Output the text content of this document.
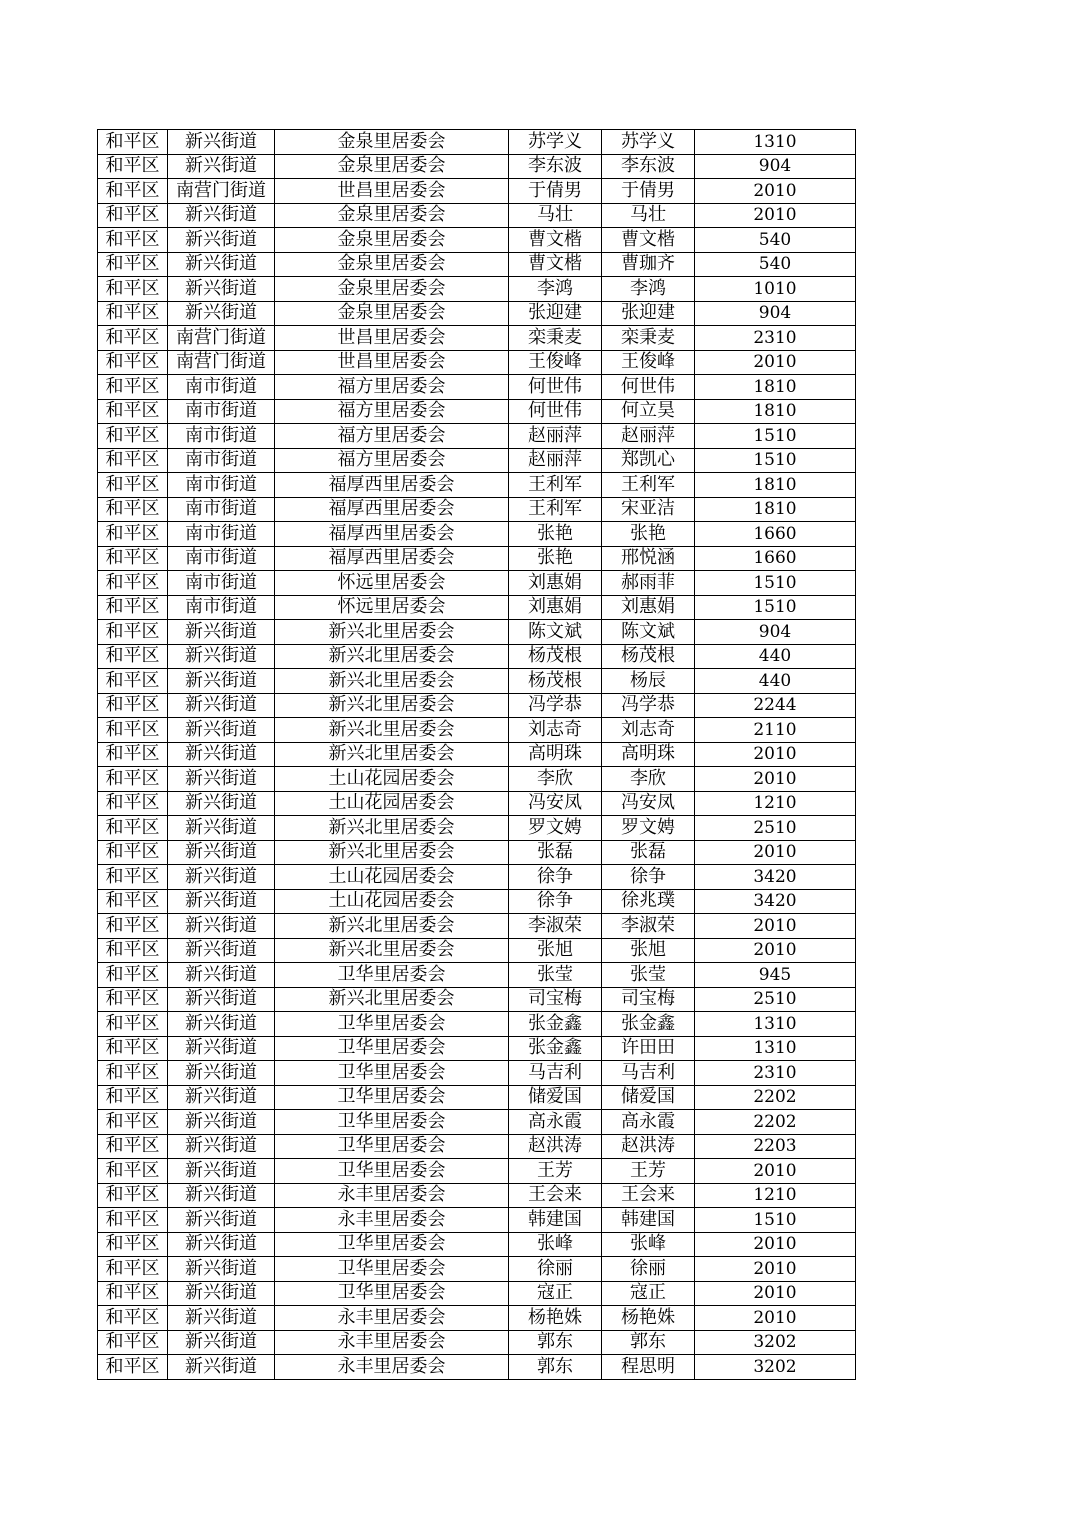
和平区	新兴街道	金泉里居委会	苏学义	苏学义	1310
和平区	新兴街道	金泉里居委会	李东波	李东波	904
和平区	南营门街道	世昌里居委会	于倩男	于倩男	2010
和平区	新兴街道	金泉里居委会	马壮	马壮	2010
和平区	新兴街道	金泉里居委会	曹文楷	曹文楷	540
和平区	新兴街道	金泉里居委会	曹文楷	曹珈齐	540
和平区	新兴街道	金泉里居委会	李鸿	李鸿	1010
和平区	新兴街道	金泉里居委会	张迎建	张迎建	904
和平区	南营门街道	世昌里居委会	栾秉麦	栾秉麦	2310
和平区	南营门街道	世昌里居委会	王俊峰	王俊峰	2010
和平区	南市街道	福方里居委会	何世伟	何世伟	1810
和平区	南市街道	福方里居委会	何世伟	何立昊	1810
和平区	南市街道	福方里居委会	赵丽萍	赵丽萍	1510
和平区	南市街道	福方里居委会	赵丽萍	郑凯心	1510
和平区	南市街道	福厚西里居委会	王利军	王利军	1810
和平区	南市街道	福厚西里居委会	王利军	宋亚洁	1810
和平区	南市街道	福厚西里居委会	张艳	张艳	1660
和平区	南市街道	福厚西里居委会	张艳	邢悦涵	1660
和平区	南市街道	怀远里居委会	刘惠娟	郝雨菲	1510
和平区	南市街道	怀远里居委会	刘惠娟	刘惠娟	1510
和平区	新兴街道	新兴北里居委会	陈文斌	陈文斌	904
和平区	新兴街道	新兴北里居委会	杨茂根	杨茂根	440
和平区	新兴街道	新兴北里居委会	杨茂根	杨辰	440
和平区	新兴街道	新兴北里居委会	冯学恭	冯学恭	2244
和平区	新兴街道	新兴北里居委会	刘志奇	刘志奇	2110
和平区	新兴街道	新兴北里居委会	高明珠	高明珠	2010
和平区	新兴街道	土山花园居委会	李欣	李欣	2010
和平区	新兴街道	土山花园居委会	冯安凤	冯安凤	1210
和平区	新兴街道	新兴北里居委会	罗文娉	罗文娉	2510
和平区	新兴街道	新兴北里居委会	张磊	张磊	2010
和平区	新兴街道	土山花园居委会	徐争	徐争	3420
和平区	新兴街道	土山花园居委会	徐争	徐兆璞	3420
和平区	新兴街道	新兴北里居委会	李淑荣	李淑荣	2010
和平区	新兴街道	新兴北里居委会	张旭	张旭	2010
和平区	新兴街道	卫华里居委会	张莹	张莹	945
和平区	新兴街道	新兴北里居委会	司宝梅	司宝梅	2510
和平区	新兴街道	卫华里居委会	张金鑫	张金鑫	1310
和平区	新兴街道	卫华里居委会	张金鑫	许田田	1310
和平区	新兴街道	卫华里居委会	马吉利	马吉利	2310
和平区	新兴街道	卫华里居委会	储爱国	储爱国	2202
和平区	新兴街道	卫华里居委会	高永霞	高永霞	2202
和平区	新兴街道	卫华里居委会	赵洪涛	赵洪涛	2203
和平区	新兴街道	卫华里居委会	王芳	王芳	2010
和平区	新兴街道	永丰里居委会	王会来	王会来	1210
和平区	新兴街道	永丰里居委会	韩建国	韩建国	1510
和平区	新兴街道	卫华里居委会	张峰	张峰	2010
和平区	新兴街道	卫华里居委会	徐丽	徐丽	2010
和平区	新兴街道	卫华里居委会	寇正	寇正	2010
和平区	新兴街道	永丰里居委会	杨艳姝	杨艳姝	2010
和平区	新兴街道	永丰里居委会	郭东	郭东	3202
和平区	新兴街道	永丰里居委会	郭东	程思明	3202
